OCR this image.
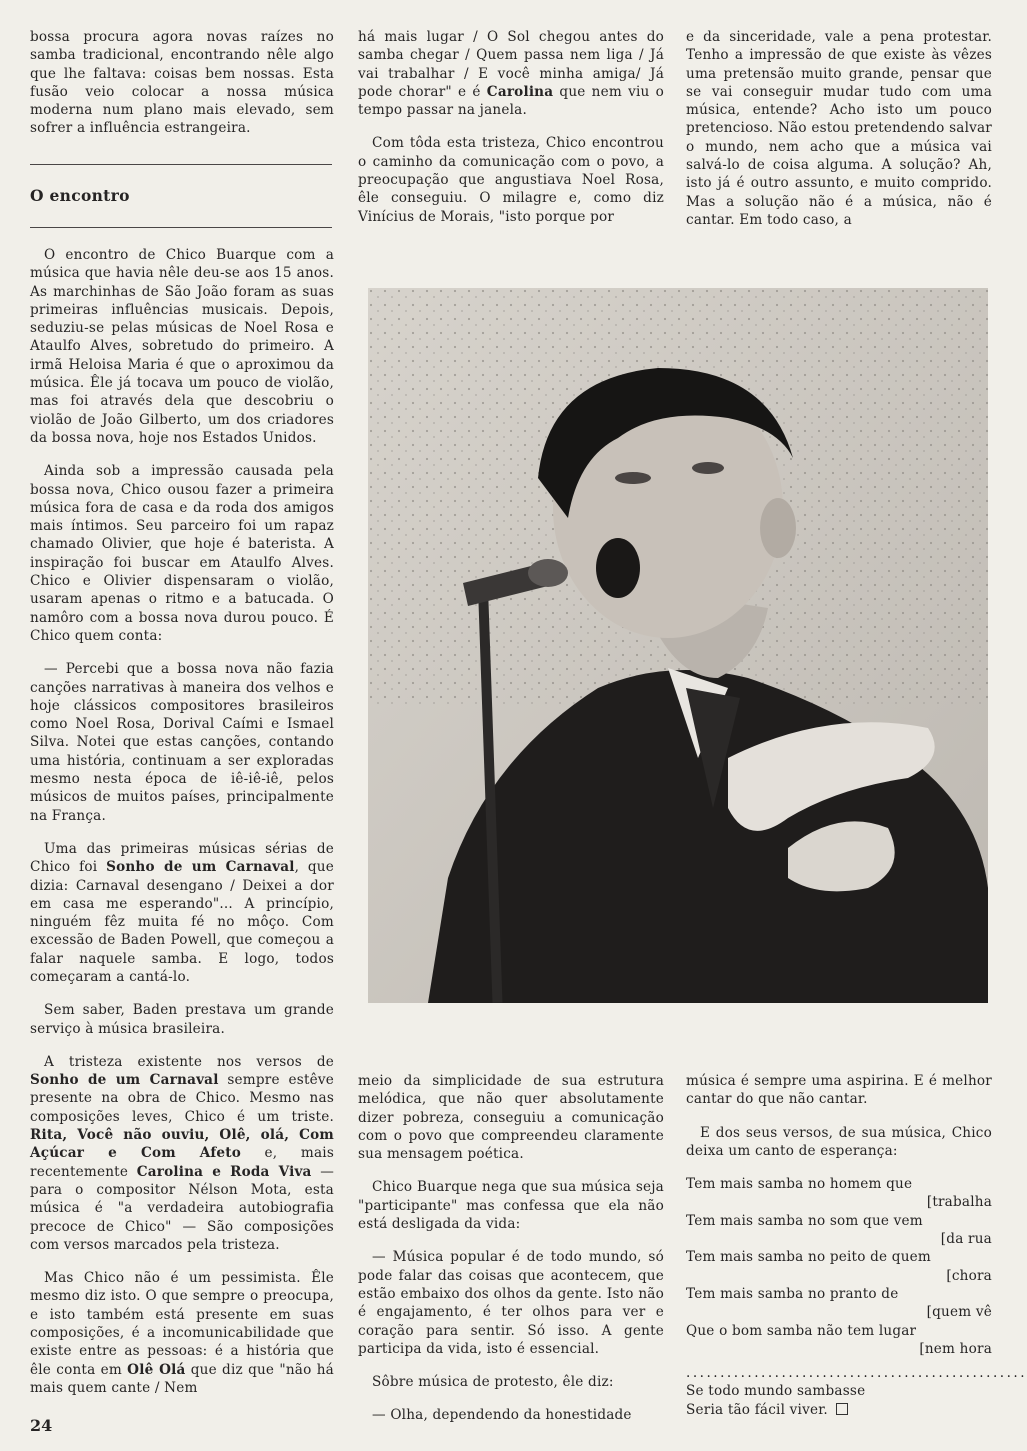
bossa procura agora novas raízes no samba tradicional, encontrando nêle algo que lhe faltava: coisas bem nossas. Esta fusão veio colocar a nossa música moderna num plano mais elevado, sem sofrer a influência estrangeira.

O encontro

O encontro de Chico Buarque com a música que havia nêle deu-se aos 15 anos. As marchinhas de São João foram as suas primeiras influências musicais. Depois, seduziu-se pelas músicas de Noel Rosa e Ataulfo Alves, sobretudo do primeiro. A irmã Heloisa Maria é que o aproximou da música. Êle já tocava um pouco de violão, mas foi através dela que descobriu o violão de João Gilberto, um dos criadores da bossa nova, hoje nos Estados Unidos.

Ainda sob a impressão causada pela bossa nova, Chico ousou fazer a primeira música fora de casa e da roda dos amigos mais íntimos. Seu parceiro foi um rapaz chamado Olivier, que hoje é baterista. A inspiração foi buscar em Ataulfo Alves. Chico e Olivier dispensaram o violão, usaram apenas o ritmo e a batucada. O namôro com a bossa nova durou pouco. É Chico quem conta:

— Percebi que a bossa nova não fazia canções narrativas à maneira dos velhos e hoje clássicos compositores brasileiros como Noel Rosa, Dorival Caími e Ismael Silva. Notei que estas canções, contando uma história, continuam a ser exploradas mesmo nesta época de iê-iê-iê, pelos músicos de muitos países, principalmente na França.

Uma das primeiras músicas sérias de Chico foi Sonho de um Carnaval, que dizia: Carnaval desengano / Deixei a dor em casa me esperando"... A princípio, ninguém fêz muita fé no môço. Com excessão de Baden Powell, que começou a falar naquele samba. E logo, todos começaram a cantá-lo.

Sem saber, Baden prestava um grande serviço à música brasileira.

A tristeza existente nos versos de Sonho de um Carnaval sempre estêve presente na obra de Chico. Mesmo nas composições leves, Chico é um triste. Rita, Você não ouviu, Olê, olá, Com Açúcar e Com Afeto e, mais recentemente Carolina e Roda Viva — para o compositor Nélson Mota, esta música é "a verdadeira autobiografia precoce de Chico" — São composições com versos marcados pela tristeza.

Mas Chico não é um pessimista. Êle mesmo diz isto. O que sempre o preocupa, e isto também está presente em suas composições, é a incomunicabilidade que existe entre as pessoas: é a história que êle conta em Olê Olá que diz que "não há mais quem cante / Nem

há mais lugar / O Sol chegou antes do samba chegar / Quem passa nem liga / Já vai trabalhar / E você minha amiga/ Já pode chorar" e é Carolina que nem viu o tempo passar na janela.

Com tôda esta tristeza, Chico encontrou o caminho da comunicação com o povo, a preocupação que angustiava Noel Rosa, êle conseguiu. O milagre e, como diz Vinícius de Morais, "isto porque por

e da sinceridade, vale a pena protestar. Tenho a impressão de que existe às vêzes uma pretensão muito grande, pensar que se vai conseguir mudar tudo com uma música, entende? Acho isto um pouco pretencioso. Não estou pretendendo salvar o mundo, nem acho que a música vai salvá-lo de coisa alguma. A solução? Ah, isto já é outro assunto, e muito comprido. Mas a solução não é a música, não é cantar. Em todo caso, a

meio da simplicidade de sua estrutura melódica, que não quer absolutamente dizer pobreza, conseguiu a comunicação com o povo que compreendeu claramente sua mensagem poética.

Chico Buarque nega que sua música seja "participante" mas confessa que ela não está desligada da vida:

— Música popular é de todo mundo, só pode falar das coisas que acontecem, que estão embaixo dos olhos da gente. Isto não é engajamento, é ter olhos para ver e coração para sentir. Só isso. A gente participa da vida, isto é essencial.

Sôbre música de protesto, êle diz:

— Olha, dependendo da honestidade

música é sempre uma aspirina. E é melhor cantar do que não cantar.

E dos seus versos, de sua música, Chico deixa um canto de esperança:

Tem mais samba no homem que
[trabalha
Tem mais samba no som que vem
[da rua
Tem mais samba no peito de quem
[chora
Tem mais samba no pranto de
[quem vê
Que o bom samba não tem lugar
[nem hora
..................................................
Se todo mundo sambasse
Seria tão fácil viver.
24
